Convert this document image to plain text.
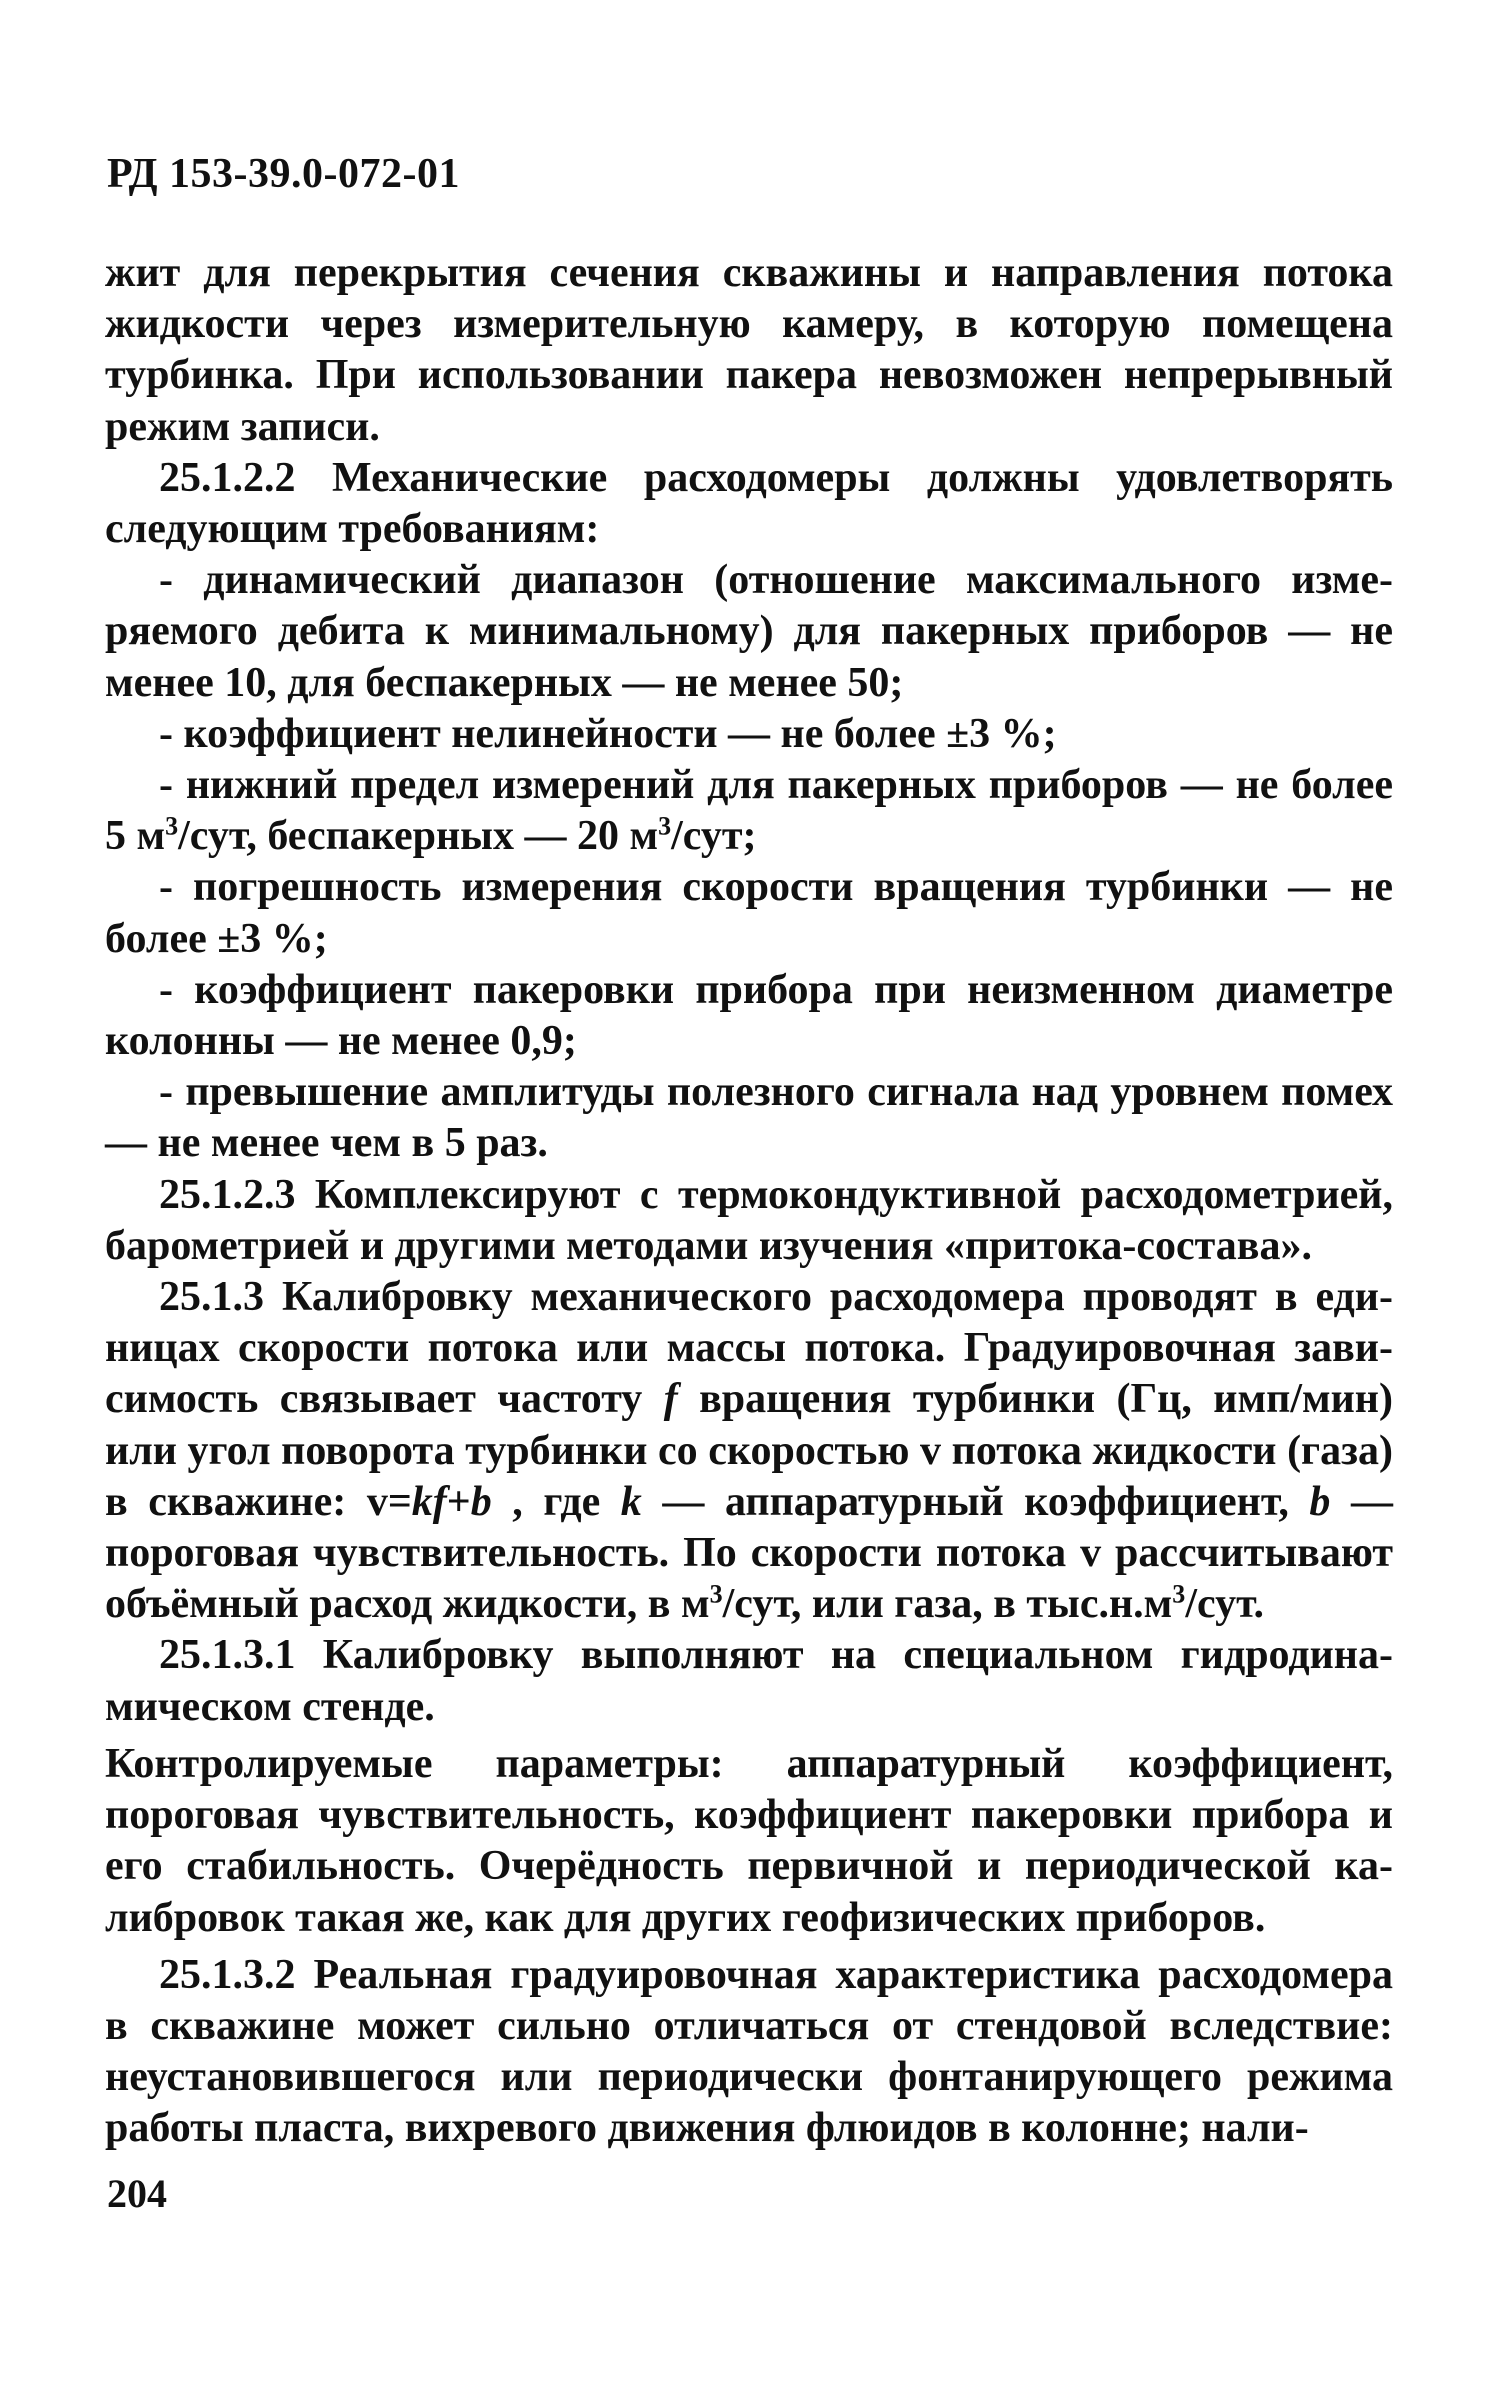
РД 153-39.0-072-01

жит для перекрытия сечения скважины и направления потока жидкости через измерительную камеру, в которую помещена турбинка. При использовании пакера невозможен непрерывный режим записи.

25.1.2.2 Механические расходомеры должны удовлетворять следующим требованиям:

- динамический диапазон (отношение максимального измеряемого дебита к минимальному) для пакерных приборов — не менее 10, для беспакерных — не менее 50;

- коэффициент нелинейности — не более ±3 %;

- нижний предел измерений для пакерных приборов — не более 5 $м^3$/сут, беспакерных — 20 $м^3$/сут;

- погрешность измерения скорости вращения турбинки — не более ±3 %;

- коэффициент пакеровки прибора при неизменном диаметре колонны — не менее 0,9;

- превышение амплитуды полезного сигнала над уровнем помех — не менее чем в 5 раз.

25.1.2.3 Комплексируют с термокондуктивной расходометрией, барометрией и другими методами изучения «притока-состава».

25.1.3 Калибровку механического расходомера проводят в единицах скорости потока или массы потока. Градуировочная зависимость связывает частоту f вращения турбинки (Гц, имп/мин) или угол поворота турбинки со скоростью v потока жидкости (газа) в скважине: v=kf+b , где k — аппаратурный коэффициент, b — пороговая чувствительность. По скорости потока v рассчитывают объёмный расход жидкости, в $м^3$/сут, или газа, в $тыс.н.м^3$/сут.

25.1.3.1 Калибровку выполняют на специальном гидродинамическом стенде.

Контролируемые параметры: аппаратурный коэффициент, пороговая чувствительность, коэффициент пакеровки прибора и его стабильность. Очерёдность первичной и периодической калибровок такая же, как для других геофизических приборов.

25.1.3.2 Реальная градуировочная характеристика расходомера в скважине может сильно отличаться от стендовой вследствие: неустановившегося или периодически фонтанирующего режима работы пласта, вихревого движения флюидов в колонне; нали-

204
